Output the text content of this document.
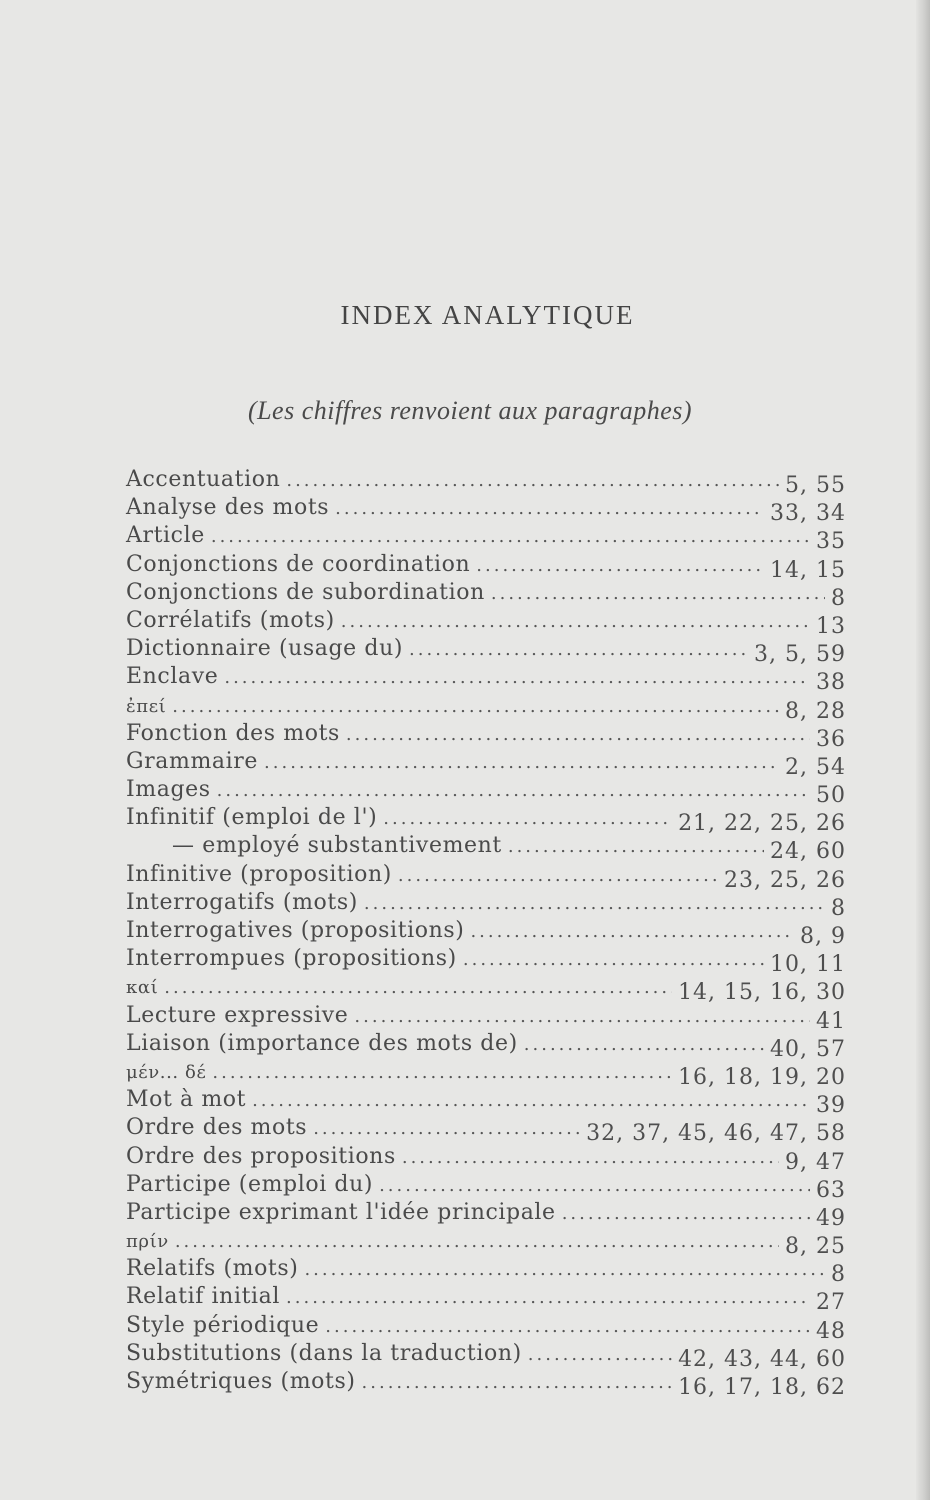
INDEX ANALYTIQUE
(Les chiffres renvoient aux paragraphes)
Accentuation .....	5, 55
Analyse des mots .....	33, 34
Article .....	35
Conjonctions de coordination .....	14, 15
Conjonctions de subordination .....	8
Corrélatifs (mots) .....	13
Dictionnaire (usage du) .....	3, 5, 59
Enclave .....	38
ἐπεί .....	8, 28
Fonction des mots .....	36
Grammaire .....	2, 54
Images .....	50
Infinitif (emploi de l') .....	21, 22, 25, 26
— employé substantivement .....	24, 60
Infinitive (proposition) .....	23, 25, 26
Interrogatifs (mots) .....	8
Interrogatives (propositions) .....	8, 9
Interrompues (propositions) .....	10, 11
καί .....	14, 15, 16, 30
Lecture expressive .....	41
Liaison (importance des mots de) .....	40, 57
μέν... δέ .....	16, 18, 19, 20
Mot à mot .....	39
Ordre des mots .....	32, 37, 45, 46, 47, 58
Ordre des propositions .....	9, 47
Participe (emploi du) .....	63
Participe exprimant l'idée principale .....	49
πρίν .....	8, 25
Relatifs (mots) .....	8
Relatif initial .....	27
Style périodique .....	48
Substitutions (dans la traduction) .....	42, 43, 44, 60
Symétriques (mots) .....	16, 17, 18, 62
